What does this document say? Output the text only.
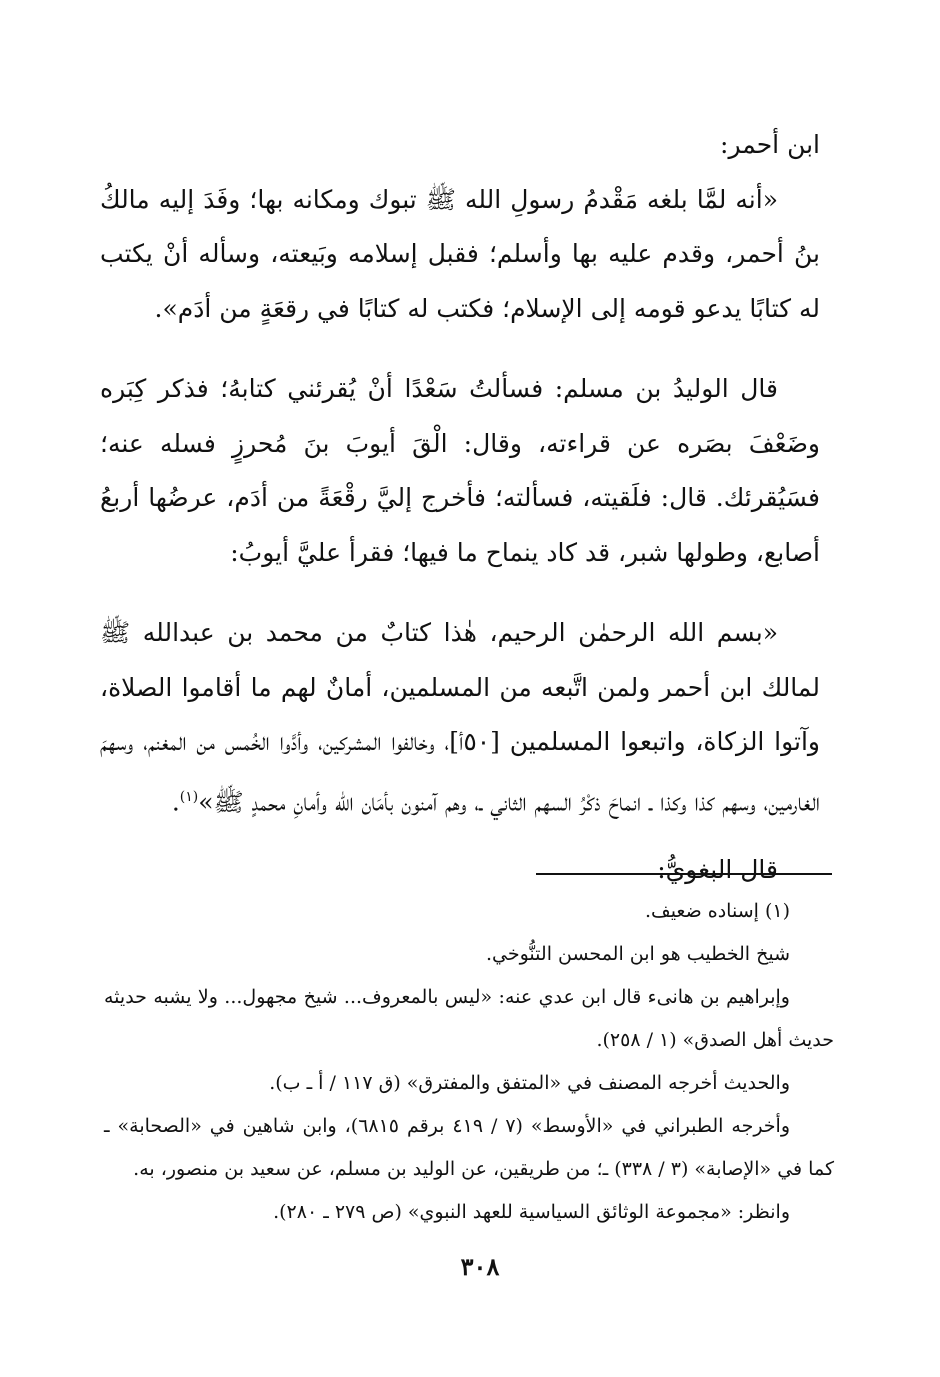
ابن أحمر:

«أنه لمَّا بلغه مَقْدمُ رسولِ الله ﷺ تبوك ومكانه بها؛ وفَدَ إليه مالكُ بنُ أحمر، وقدم عليه بها وأسلم؛ فقبل إسلامه وبَيعته، وسأله أنْ يكتب له كتابًا يدعو قومه إلى الإسلام؛ فكتب له كتابًا في رقعَةٍ من أدَم».

قال الوليدُ بن مسلم: فسألتُ سَعْدًا أنْ يُقرئني كتابهُ؛ فذكر كِبَره وضَعْفَ بصَره عن قراءته، وقال: الْقَ أيوبَ بنَ مُحرزٍ فسله عنه؛ فسَيُقرئك. قال: فلَقيته، فسألته؛ فأخرج إليَّ رقْعَةً من أدَم، عرضُها أربعُ أصابع، وطولها شبر، قد كاد ينماح ما فيها؛ فقرأ عليَّ أيوبُ:

«بسم الله الرحمٰن الرحيم، هٰذا كتابٌ من محمد بن عبدالله ﷺ لمالك ابن أحمر ولمن اتَّبعه من المسلمين، أمانٌ لهم ما أقاموا الصلاة، وآتوا الزكاة، واتبعوا المسلمين [٥٠أ]، وخالفوا المشركين، وأدَّوا الخُمس من المغنم، وسهمَ الغارمين، وسهم كذا وكذا ـ انماحَ ذكْرُ السهم الثاني ـ، وهم آمنون بأمَان الله وأمانِ محمدٍ ﷺ»$^{(١)}$.

قال البغويُّ:

(١) إسناده ضعيف.

شيخ الخطيب هو ابن المحسن التنُّوخي.

وإبراهيم بن هانىء قال ابن عدي عنه: «ليس بالمعروف... شيخ مجهول... ولا يشبه حديثه حديث أهل الصدق» (١ / ٢٥٨).

والحديث أخرجه المصنف في «المتفق والمفترق» (ق ١١٧ / أ ـ ب).

وأخرجه الطبراني في «الأوسط» (٧ / ٤١٩ برقم ٦٨١٥)، وابن شاهين في «الصحابة» ـ كما في «الإصابة» (٣ / ٣٣٨) ـ؛ من طريقين، عن الوليد بن مسلم، عن سعيد بن منصور، به.

وانظر: «مجموعة الوثائق السياسية للعهد النبوي» (ص ٢٧٩ ـ ٢٨٠).

٣٠٨
